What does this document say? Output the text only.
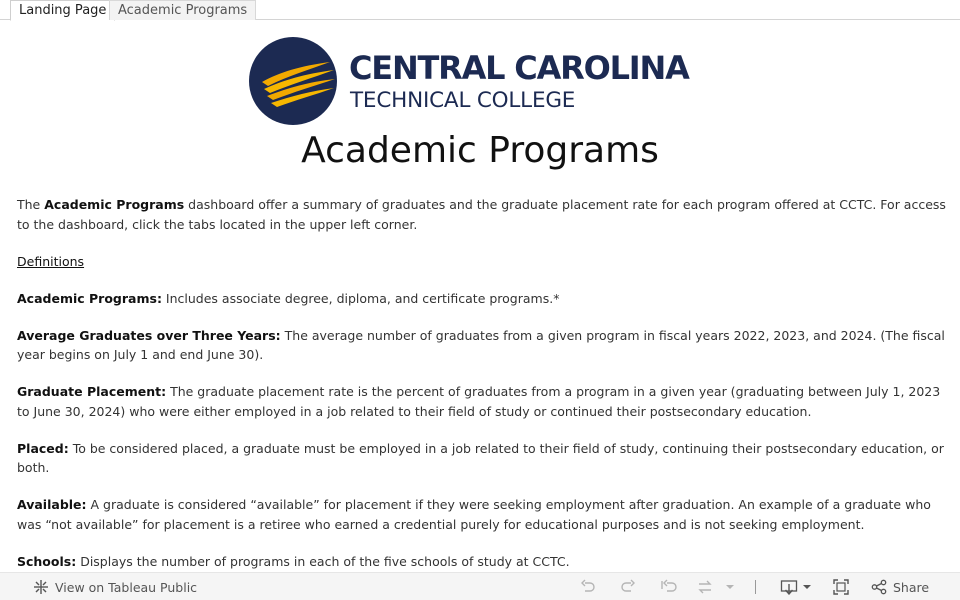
Landing Page Academic Programs
CENTRAL CAROLINA
TECHNICAL COLLEGE
Academic Programs

The Academic Programs dashboard offer a summary of graduates and the graduate placement rate for each program offered at CCTC. For access to the dashboard, click the tabs located in the upper left corner.

Definitions

Academic Programs: Includes associate degree, diploma, and certificate programs.*

Average Graduates over Three Years: The average number of graduates from a given program in fiscal years 2022, 2023, and 2024. (The fiscal year begins on July 1 and end June 30).

Graduate Placement: The graduate placement rate is the percent of graduates from a program in a given year (graduating between July 1, 2023 to June 30, 2024) who were either employed in a job related to their field of study or continued their postsecondary education.

Placed: To be considered placed, a graduate must be employed in a job related to their field of study, continuing their postsecondary education, or both.

Available: A graduate is considered “available” for placement if they were seeking employment after graduation. An example of a graduate who was “not available” for placement is a retiree who earned a credential purely for educational purposes and is not seeking employment.

Schools: Displays the number of programs in each of the five schools of study at CCTC.

View on Tableau Public	Share
